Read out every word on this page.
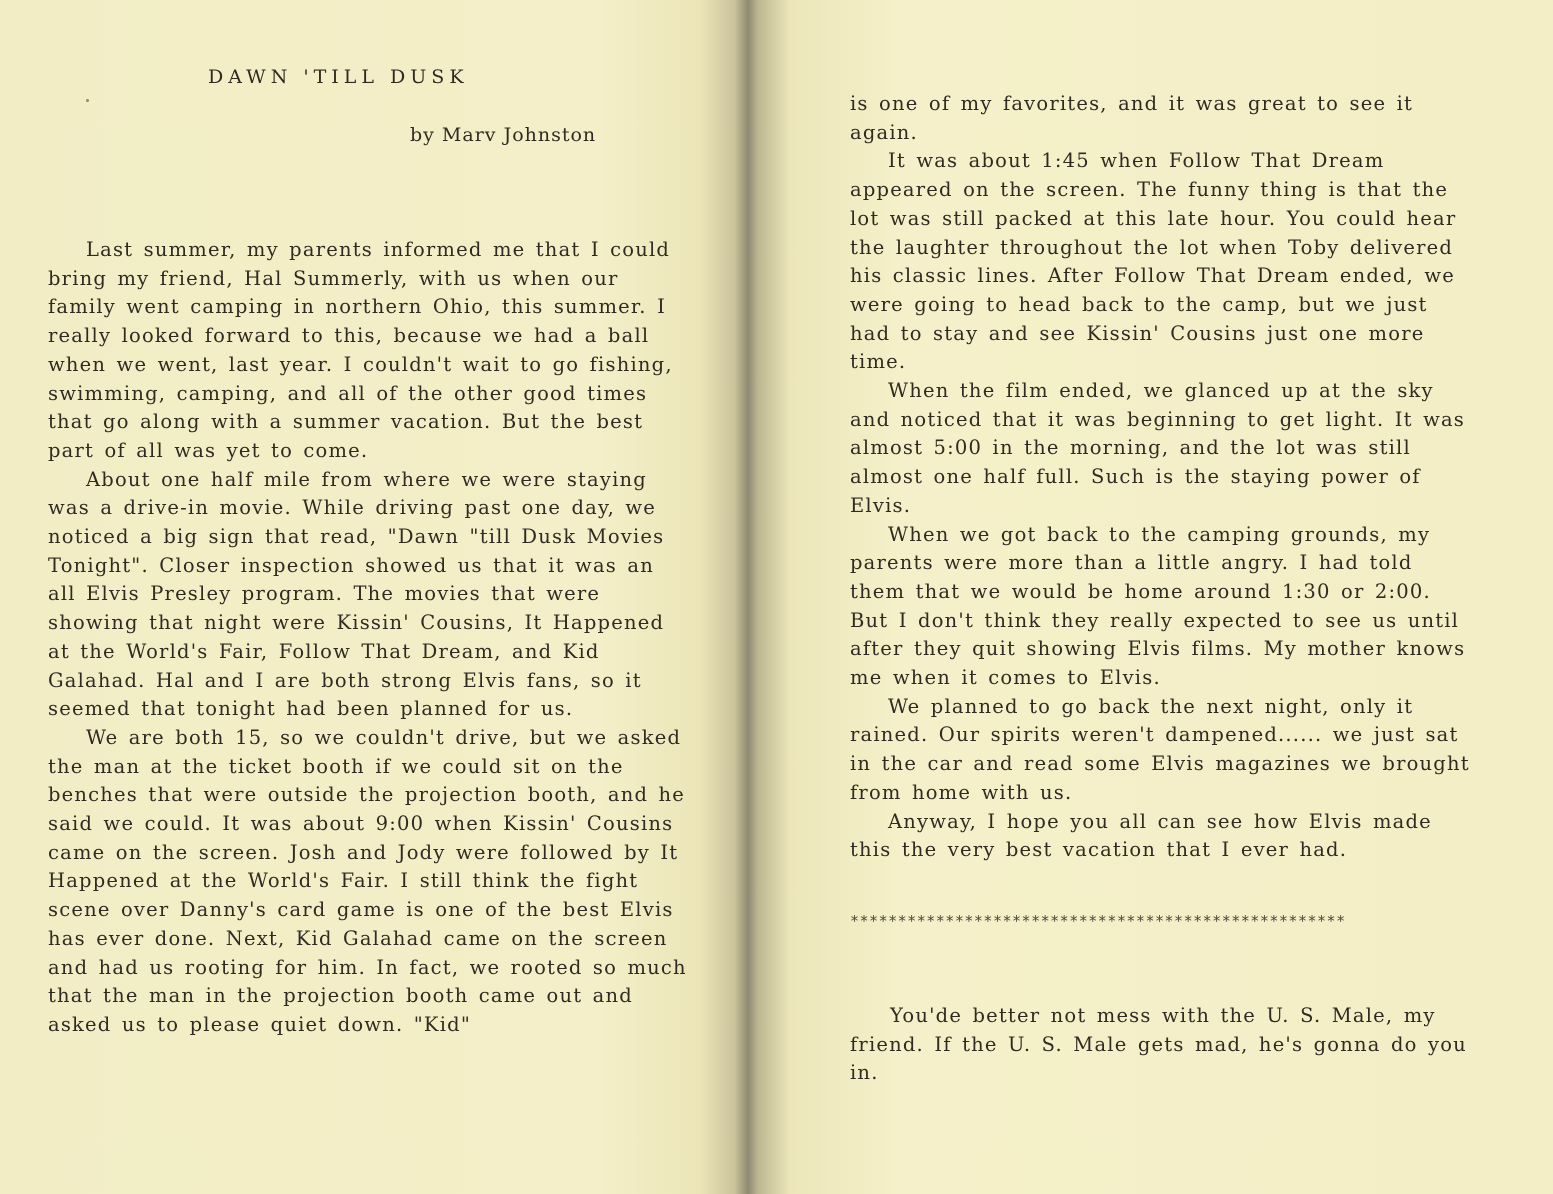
DAWN 'TILL DUSK
by Marv Johnston

Last summer, my parents informed me that I could bring my friend, Hal Summerly, with us when our family went camping in northern Ohio, this summer. I really looked forward to this, because we had a ball when we went, last year. I couldn't wait to go fishing, swimming, camping, and all of the other good times that go along with a summer vacation. But the best part of all was yet to come.

About one half mile from where we were staying was a drive-in movie. While driving past one day, we noticed a big sign that read, "Dawn "till Dusk Movies Tonight". Closer inspection showed us that it was an all Elvis Presley program. The movies that were showing that night were Kissin' Cousins, It Happened at the World's Fair, Follow That Dream, and Kid Galahad. Hal and I are both strong Elvis fans, so it seemed that tonight had been planned for us.

We are both 15, so we couldn't drive, but we asked the man at the ticket booth if we could sit on the benches that were outside the projection booth, and he said we could. It was about 9:00 when Kissin' Cousins came on the screen. Josh and Jody were followed by It Happened at the World's Fair. I still think the fight scene over Danny's card game is one of the best Elvis has ever done. Next, Kid Galahad came on the screen and had us rooting for him. In fact, we rooted so much that the man in the projection booth came out and asked us to please quiet down. "Kid"

is one of my favorites, and it was great to see it again.

It was about 1:45 when Follow That Dream appeared on the screen. The funny thing is that the lot was still packed at this late hour. You could hear the laughter throughout the lot when Toby delivered his classic lines. After Follow That Dream ended, we were going to head back to the camp, but we just had to stay and see Kissin' Cousins just one more time.

When the film ended, we glanced up at the sky and noticed that it was beginning to get light. It was almost 5:00 in the morning, and the lot was still almost one half full. Such is the staying power of Elvis.

When we got back to the camping grounds, my parents were more than a little angry. I had told them that we would be home around 1:30 or 2:00. But I don't think they really expected to see us until after they quit showing Elvis films. My mother knows me when it comes to Elvis.

We planned to go back the next night, only it rained. Our spirits weren't dampened...... we just sat in the car and read some Elvis magazines we brought from home with us.

Anyway, I hope you all can see how Elvis made this the very best vacation that I ever had.

****************************************************

You'de better not mess with the U. S. Male, my friend. If the U. S. Male gets mad, he's gonna do you in.
